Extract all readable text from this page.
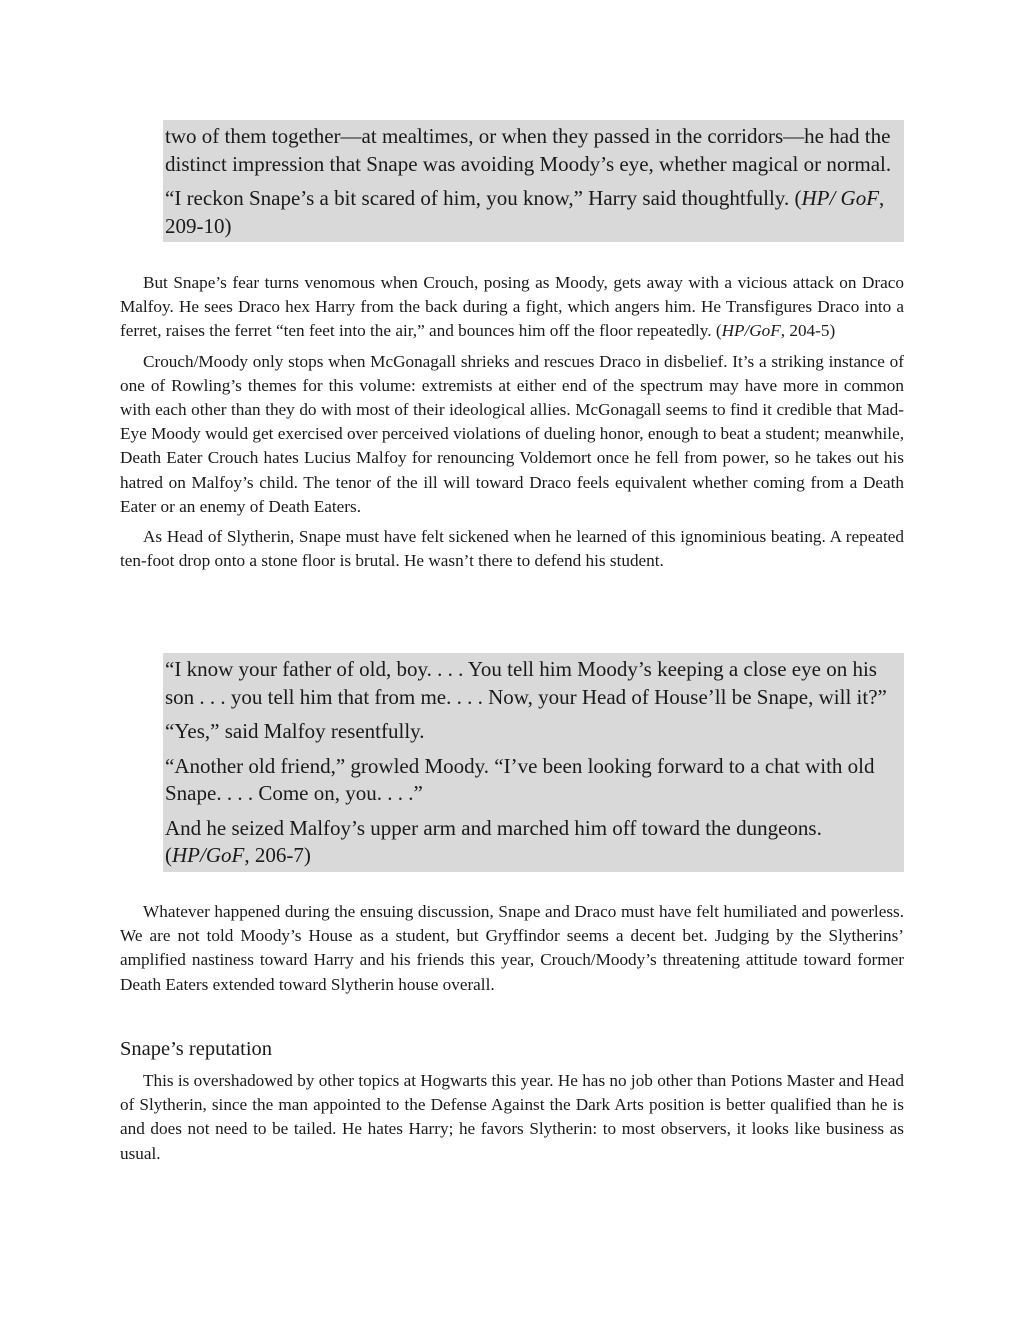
two of them together—at mealtimes, or when they passed in the corridors—he had the distinct impression that Snape was avoiding Moody’s eye, whether magical or normal.

“I reckon Snape’s a bit scared of him, you know,” Harry said thoughtfully. (HP/ GoF, 209-10)

But Snape’s fear turns venomous when Crouch, posing as Moody, gets away with a vicious attack on Draco Malfoy. He sees Draco hex Harry from the back during a fight, which angers him. He Transfigures Draco into a ferret, raises the ferret “ten feet into the air,” and bounces him off the floor repeatedly. (HP/GoF, 204-5)

Crouch/Moody only stops when McGonagall shrieks and rescues Draco in disbelief. It’s a striking instance of one of Rowling’s themes for this volume: extremists at either end of the spectrum may have more in common with each other than they do with most of their ideological allies. McGonagall seems to find it credible that Mad-Eye Moody would get exercised over perceived violations of dueling honor, enough to beat a student; meanwhile, Death Eater Crouch hates Lucius Malfoy for renouncing Voldemort once he fell from power, so he takes out his hatred on Malfoy’s child. The tenor of the ill will toward Draco feels equivalent whether coming from a Death Eater or an enemy of Death Eaters.

As Head of Slytherin, Snape must have felt sickened when he learned of this ignominious beating. A repeated ten-foot drop onto a stone floor is brutal. He wasn’t there to defend his student.

“I know your father of old, boy. . . . You tell him Moody’s keeping a close eye on his son . . . you tell him that from me. . . . Now, your Head of House’ll be Snape, will it?”

“Yes,” said Malfoy resentfully.

“Another old friend,” growled Moody. “I’ve been looking forward to a chat with old Snape. . . . Come on, you. . . .”

And he seized Malfoy’s upper arm and marched him off toward the dungeons. (HP/GoF, 206-7)

Whatever happened during the ensuing discussion, Snape and Draco must have felt humiliated and powerless. We are not told Moody’s House as a student, but Gryffindor seems a decent bet. Judging by the Slytherins’ amplified nastiness toward Harry and his friends this year, Crouch/Moody’s threatening attitude toward former Death Eaters extended toward Slytherin house overall.

Snape’s reputation

This is overshadowed by other topics at Hogwarts this year. He has no job other than Potions Master and Head of Slytherin, since the man appointed to the Defense Against the Dark Arts position is better qualified than he is and does not need to be tailed. He hates Harry; he favors Slytherin: to most observers, it looks like business as usual.
